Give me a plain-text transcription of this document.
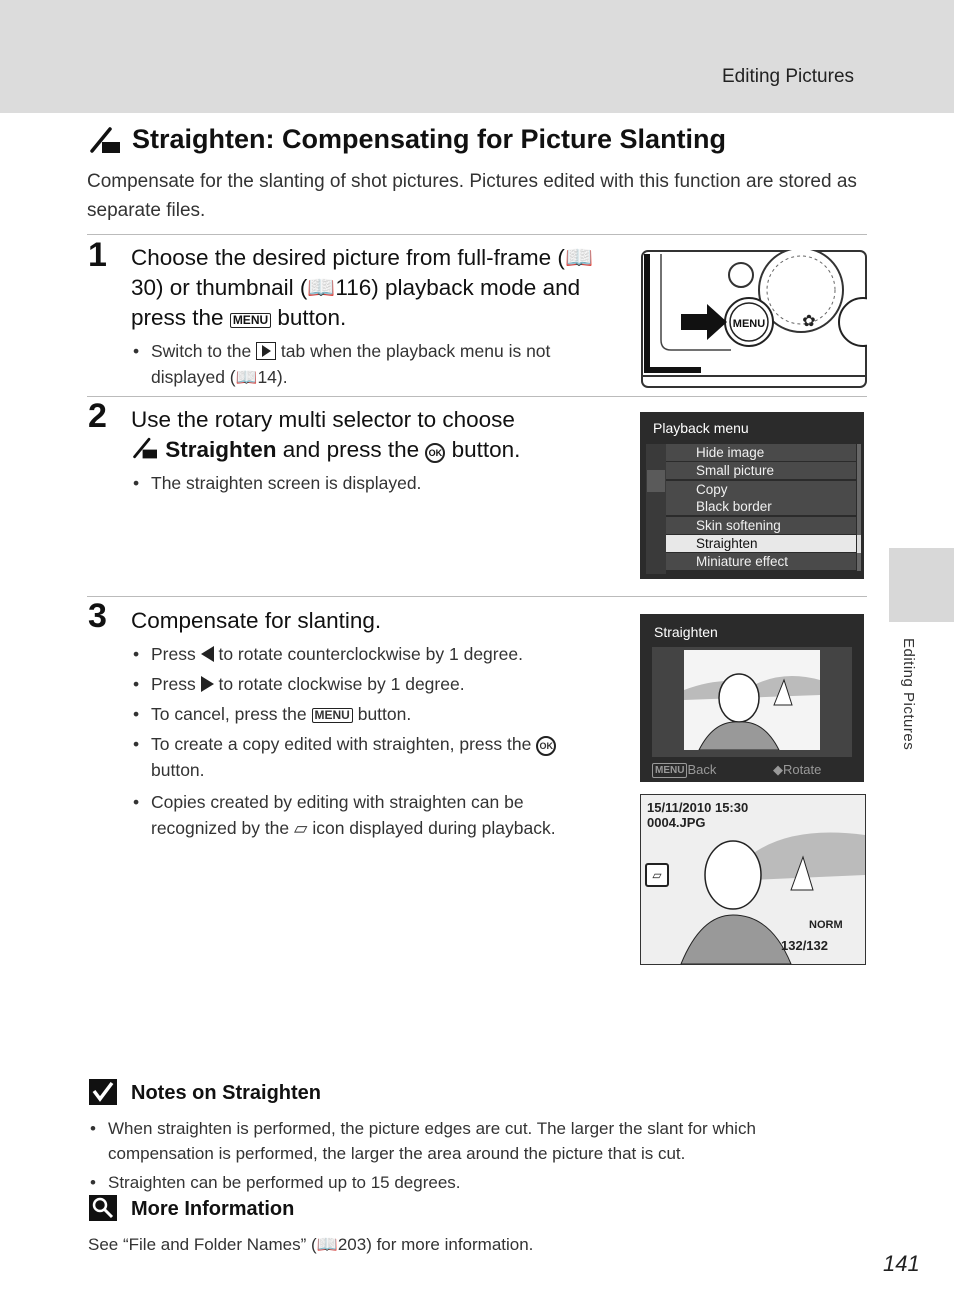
Editing Pictures
Editing Pictures
Straighten: Compensating for Picture Slanting
Compensate for the slanting of shot pictures. Pictures edited with this function are stored as separate files.
1 Choose the desired picture from full-frame (📖30) or thumbnail (📖116) playback mode and press the MENU button.
• Switch to the  tab when the playback menu is not displayed (📖14).
MENU ✿
2 Use the rotary multi selector to choose
Straighten and press the OK button.
• The straighten screen is displayed.
Playback menu
Hide image
Small picture
Copy
Black border
Skin softening
Straighten
Miniature effect
3 Compensate for slanting.
• Press  to rotate counterclockwise by 1 degree.
• Press  to rotate clockwise by 1 degree.
• To cancel, press the MENU button.
• To create a copy edited with straighten, press the OK button.
• Copies created by editing with straighten can be recognized by the ▱ icon displayed during playback.
Straighten
MENU Back	◆Rotate
15/11/2010 15:30
0004.JPG
▱
NORM
132/132
Notes on Straighten
• When straighten is performed, the picture edges are cut. The larger the slant for which compensation is performed, the larger the area around the picture that is cut.
• Straighten can be performed up to 15 degrees.
More Information
See “File and Folder Names” (📖203) for more information.
141
